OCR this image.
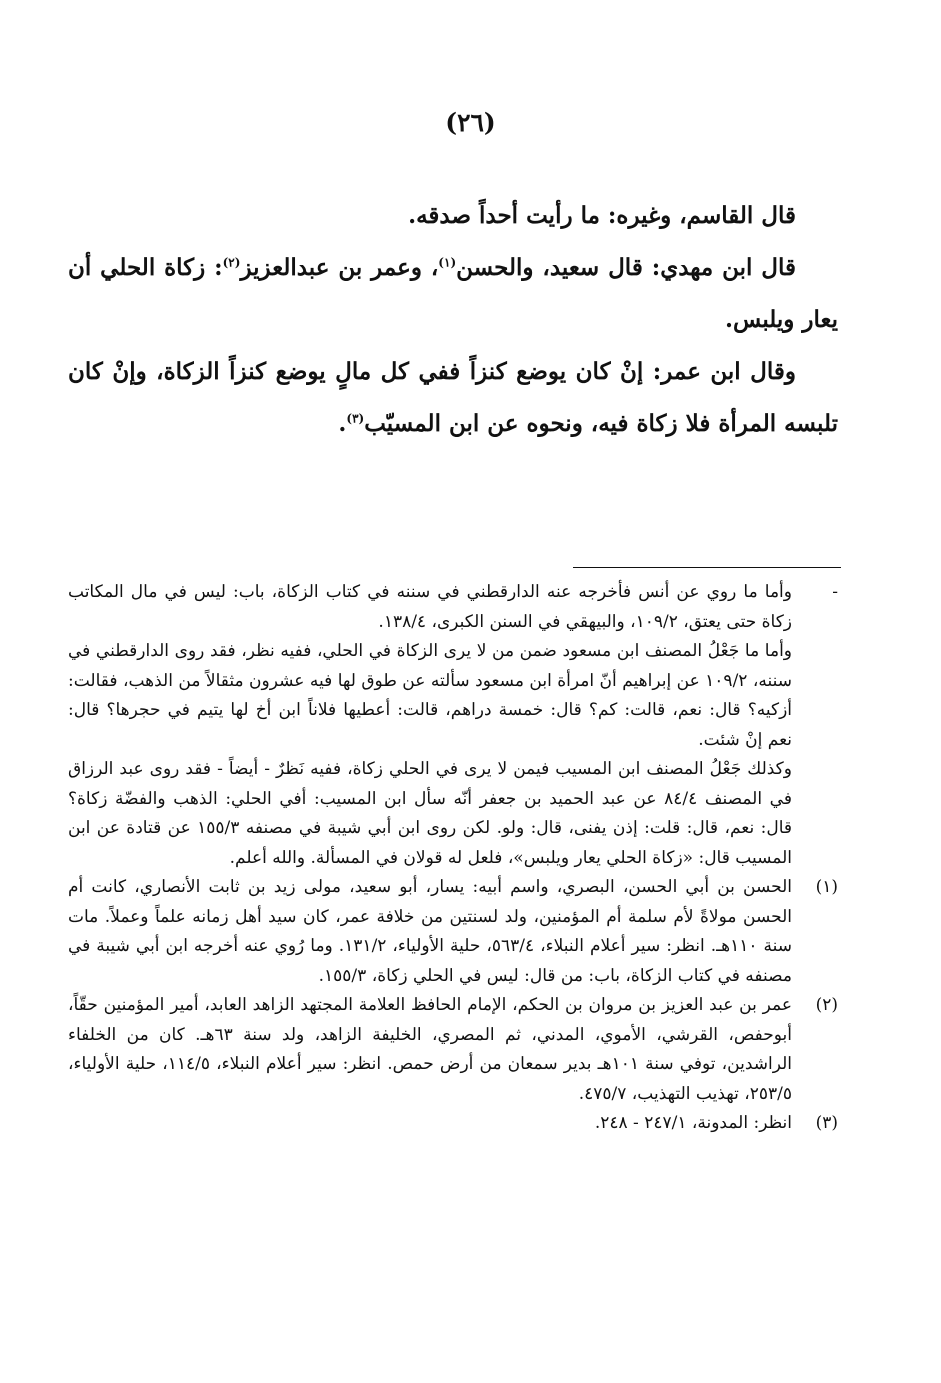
(٢٦)

قال القاسم، وغيره: ما رأيت أحداً صدقه.

قال ابن مهدي: قال سعيد، والحسن$^{(١)}$، وعمر بن عبدالعزيز$^{(٢)}$: زكاة الحلي أن يعار ويلبس.

وقال ابن عمر: إنْ كان يوضع كنزاً ففي كل مالٍ يوضع كنزاً الزكاة، وإنْ كان تلبسه المرأة فلا زكاة فيه، ونحوه عن ابن المسيّب$^{(٣)}$.

-

وأما ما روي عن أنس فأخرجه عنه الدارقطني في سننه في كتاب الزكاة، باب: ليس في مال المكاتب زكاة حتى يعتق، ١٠٩/٢، والبيهقي في السنن الكبرى، ١٣٨/٤.

وأما ما جَعْلُ المصنف ابن مسعود ضمن من لا يرى الزكاة في الحلي، ففيه نظر، فقد روى الدارقطني في سننه، ١٠٩/٢ عن إبراهيم أنّ امرأة ابن مسعود سألته عن طوق لها فيه عشرون مثقالاً من الذهب، فقالت: أزكيه؟ قال: نعم، قالت: كم؟ قال: خمسة دراهم، قالت: أعطيها فلاناً ابن أخ لها يتيم في حجرها؟ قال: نعم إنْ شئت.

وكذلك جَعْلُ المصنف ابن المسيب فيمن لا يرى في الحلي زكاة، ففيه نَظرٌ - أيضاً - فقد روى عبد الرزاق في المصنف ٨٤/٤ عن عبد الحميد بن جعفر أنّه سأل ابن المسيب: أفي الحلي: الذهب والفضّة زكاة؟ قال: نعم، قال: قلت: إذن يفنى، قال: ولو. لكن روى ابن أبي شيبة في مصنفه ١٥٥/٣ عن قتادة عن ابن المسيب قال: «زكاة الحلي يعار ويلبس»، فلعل له قولان في المسألة. والله أعلم.

(١)
الحسن بن أبي الحسن، البصري، واسم أبيه: يسار، أبو سعيد، مولى زيد بن ثابت الأنصاري، كانت أم الحسن مولاةً لأم سلمة أم المؤمنين، ولد لسنتين من خلافة عمر، كان سيد أهل زمانه علماً وعملاً. مات سنة ١١٠هـ. انظر: سير أعلام النبلاء، ٥٦٣/٤، حلية الأولياء، ١٣١/٢. وما رُوي عنه أخرجه ابن أبي شيبة في مصنفه في كتاب الزكاة، باب: من قال: ليس في الحلي زكاة، ١٥٥/٣.
(٢)
عمر بن عبد العزيز بن مروان بن الحكم، الإمام الحافظ العلامة المجتهد الزاهد العابد، أمير المؤمنين حقّاً، أبوحفص، القرشي، الأموي، المدني، ثم المصري، الخليفة الزاهد، ولد سنة ٦٣هـ. كان من الخلفاء الراشدين، توفي سنة ١٠١هـ بدير سمعان من أرض حمص. انظر: سير أعلام النبلاء، ١١٤/٥، حلية الأولياء، ٢٥٣/٥، تهذيب التهذيب، ٤٧٥/٧.
(٣)
انظر: المدونة، ٢٤٧/١ - ٢٤٨.
